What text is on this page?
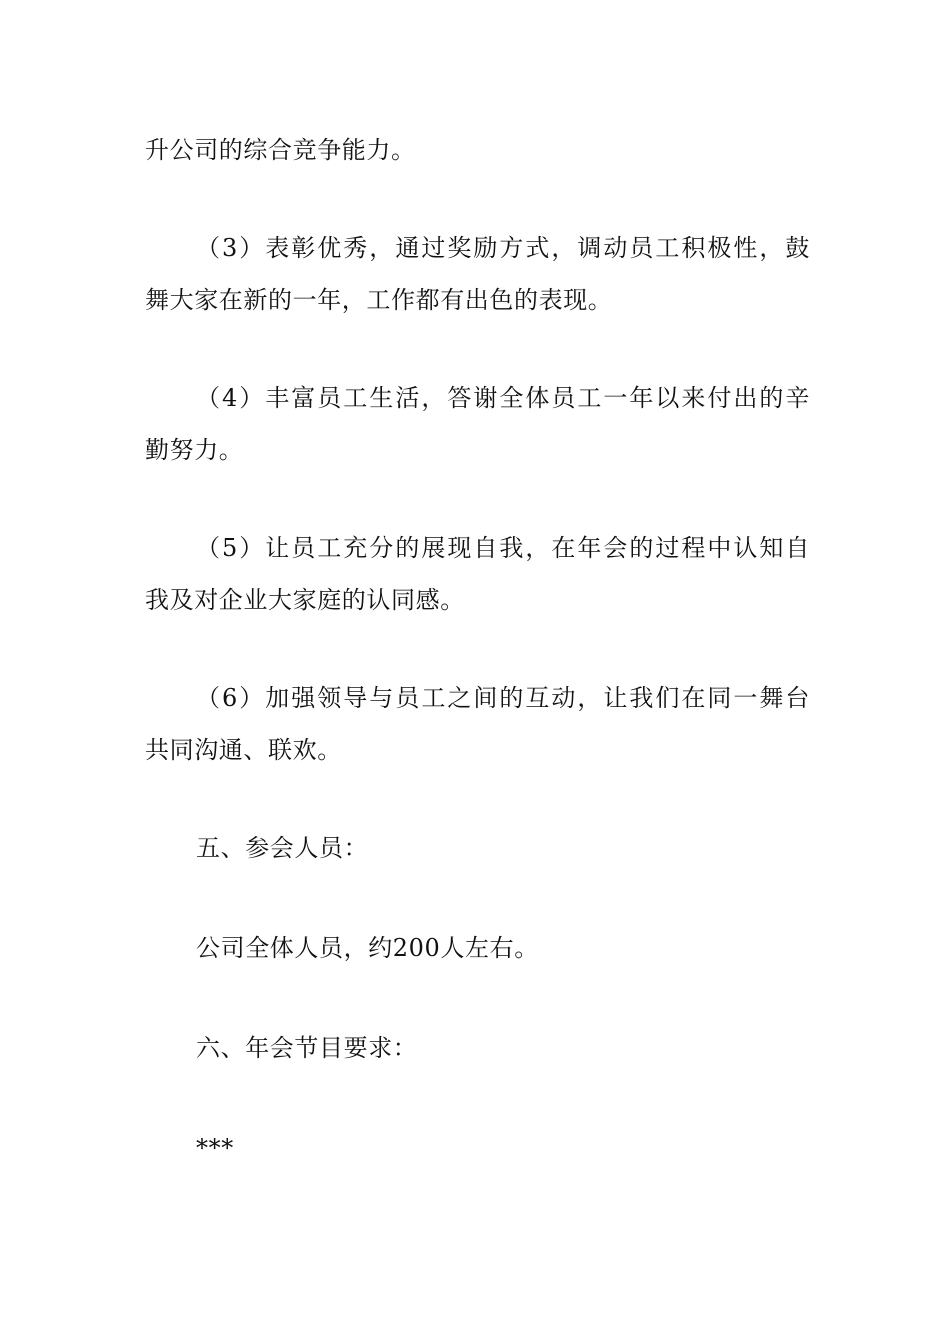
升公司的综合竞争能力。
（3）表彰优秀，通过奖励方式，调动员工积极性，鼓
舞大家在新的一年，工作都有出色的表现。
（4）丰富员工生活，答谢全体员工一年以来付出的辛
勤努力。
（5）让员工充分的展现自我，在年会的过程中认知自
我及对企业大家庭的认同感。
（6）加强领导与员工之间的互动，让我们在同一舞台
共同沟通、联欢。
五、参会人员：
公司全体人员，约200人左右。
六、年会节目要求：
***
